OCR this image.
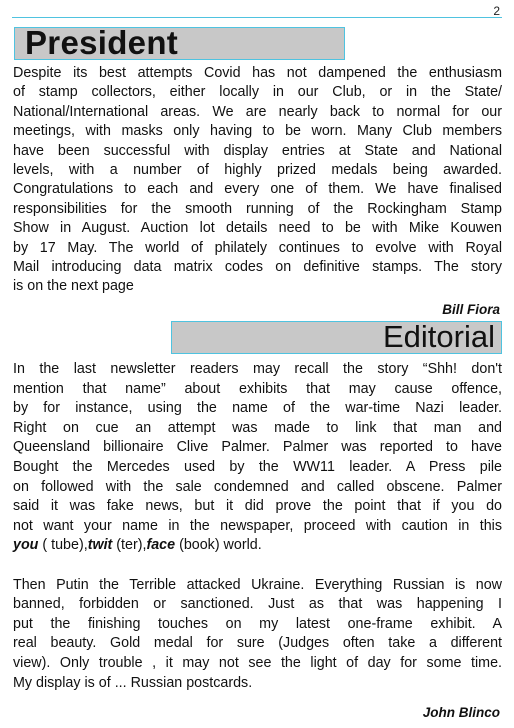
2
President
Despite its best attempts Covid has not dampened the enthusiasm
of stamp collectors, either locally in our Club, or in the State/
National/International areas. We are nearly back to normal for our
meetings, with masks only having to be worn. Many Club members
have been successful with display entries at State and National
levels, with a number of highly prized medals being awarded.
Congratulations to each and every one of them. We have finalised
responsibilities for the smooth running of the Rockingham Stamp
Show in August. Auction lot details need to be with Mike Kouwen
by 17 May. The world of philately continues to evolve with Royal
Mail introducing data matrix codes on definitive stamps. The story
is on the next page
Bill Fiora
Editorial
In the last newsletter readers may recall the story “Shh! don't
mention that name” about exhibits that may cause offence,
by for instance, using the name of the war-time Nazi leader.
Right on cue an attempt was made to link that man and
Queensland billionaire Clive Palmer. Palmer was reported to have
Bought the Mercedes used by the WW11 leader. A Press pile
on followed with the sale condemned and called obscene. Palmer
said it was fake news, but it did prove the point that if you do
not want your name in the newspaper, proceed with caution in this
you ( tube),twit (ter),face (book) world.
Then Putin the Terrible attacked Ukraine. Everything Russian is now
banned, forbidden or sanctioned. Just as that was happening I
put the finishing touches on my latest one-frame exhibit. A
real beauty. Gold medal for sure (Judges often take a different
view). Only trouble , it may not see the light of day for some time.
My display is of ... Russian postcards.
John Blinco
